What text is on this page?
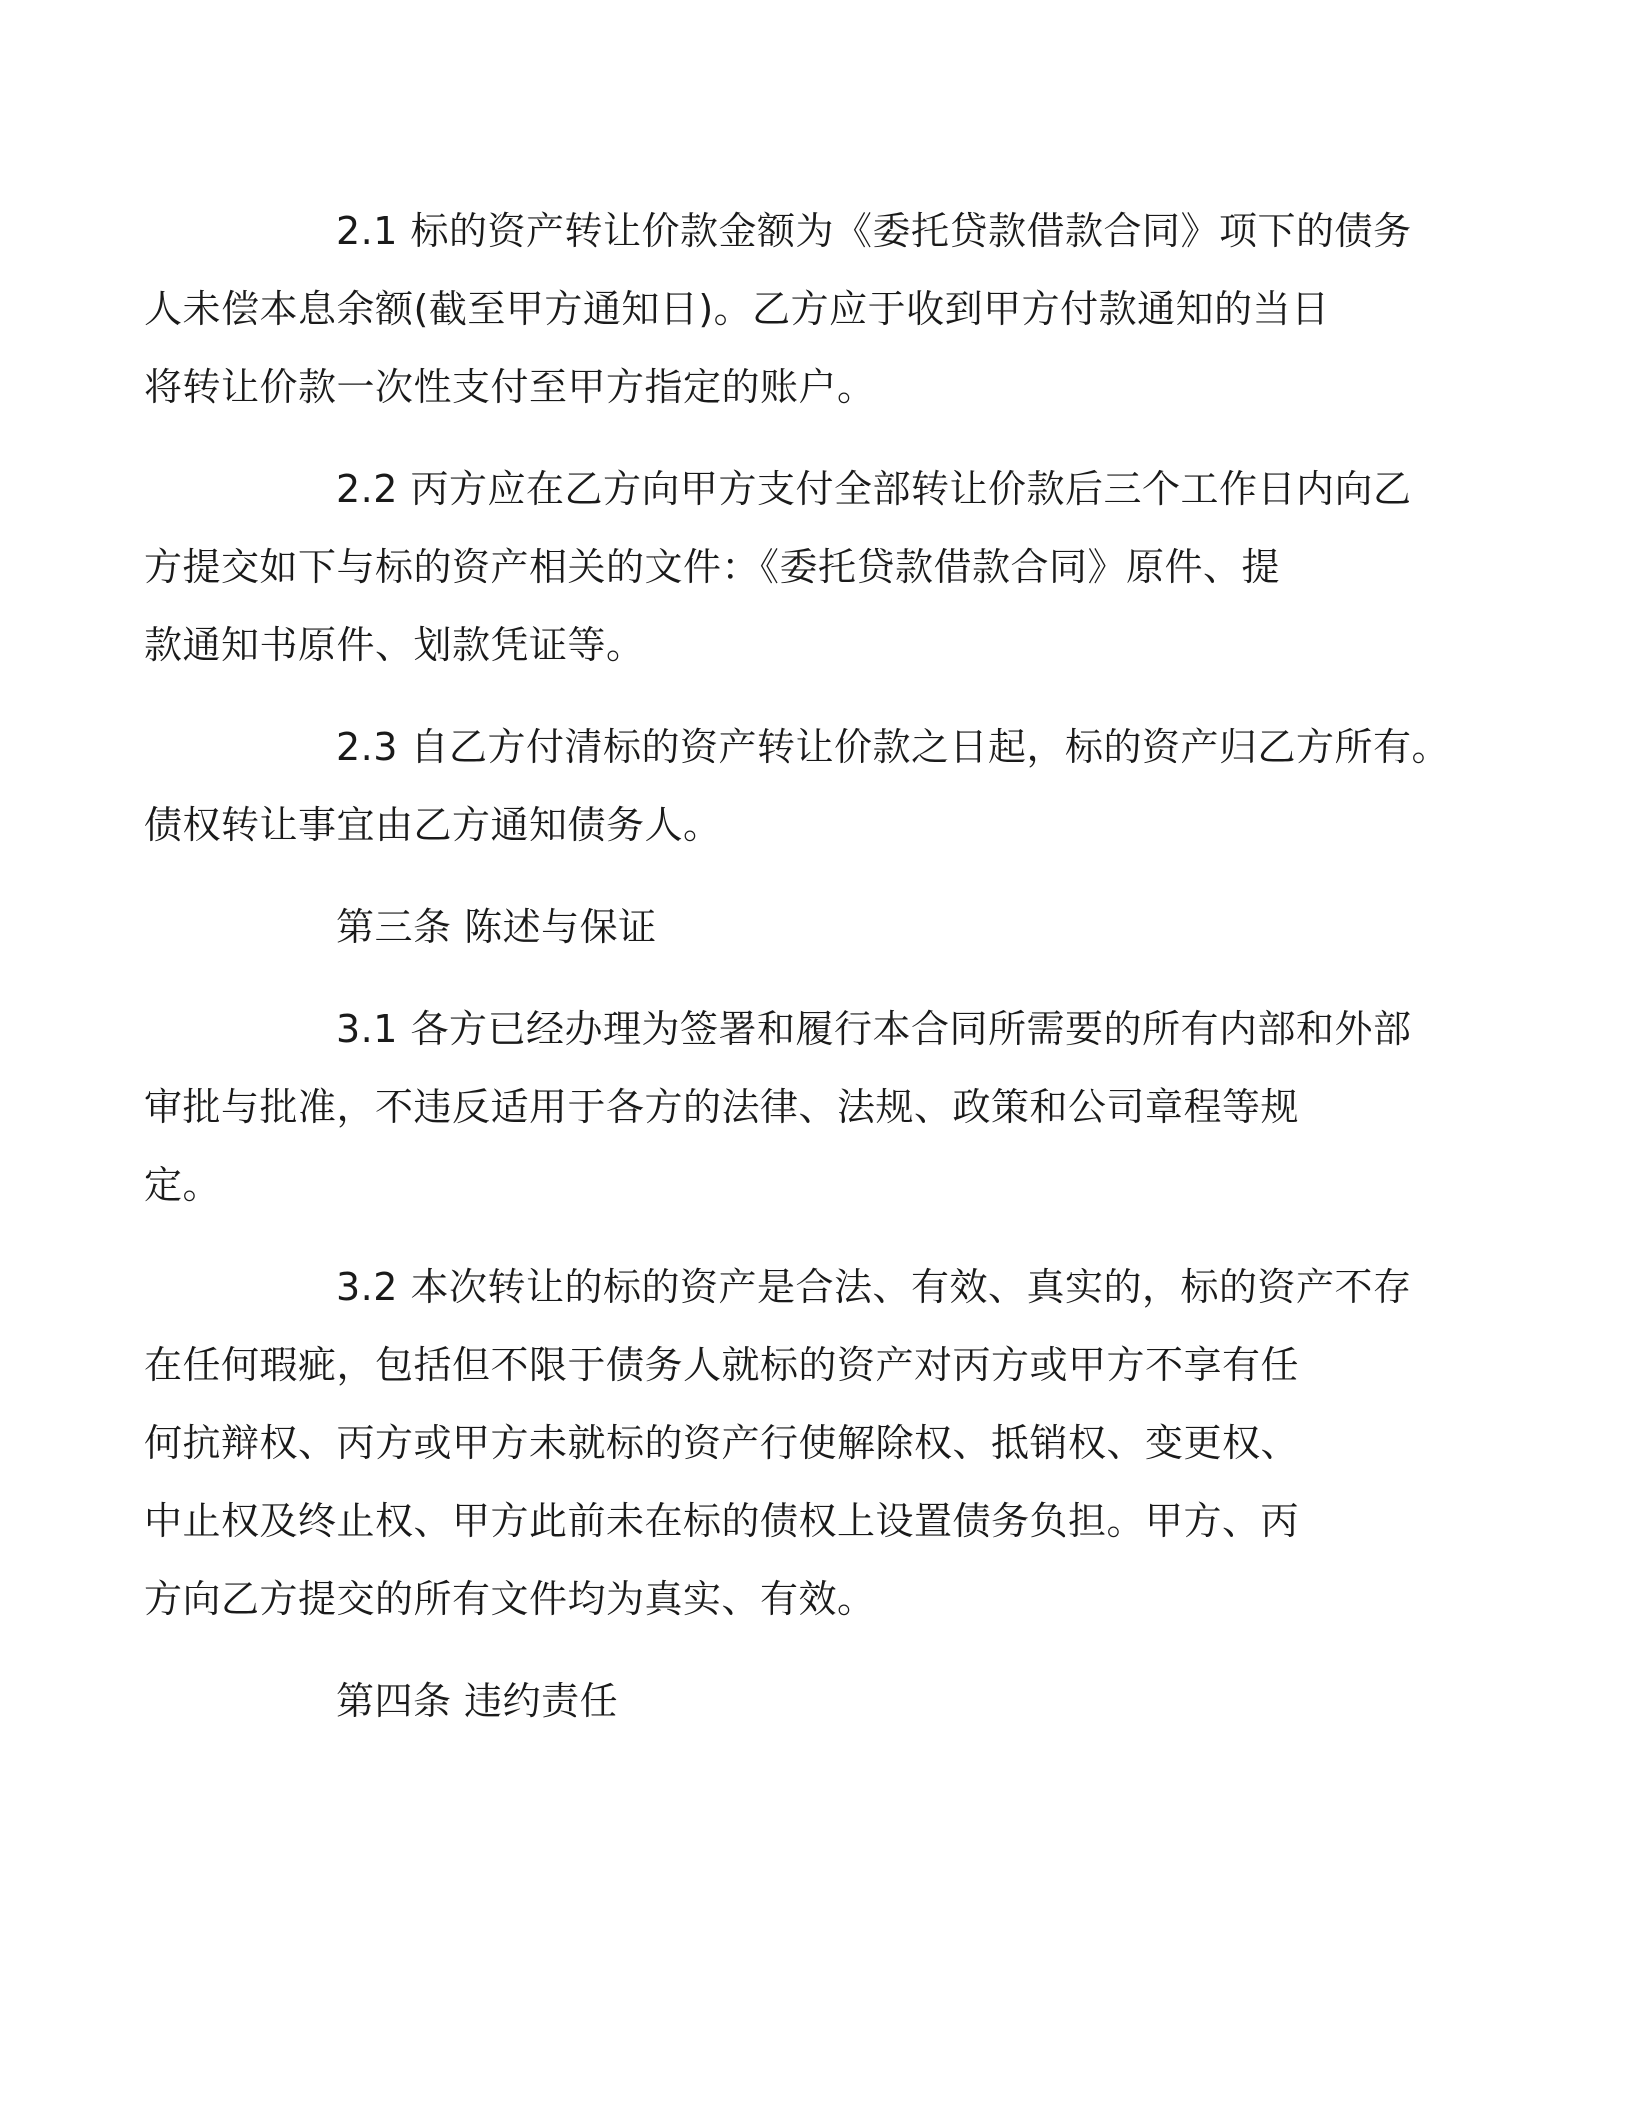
2.1 标的资产转让价款金额为《委托贷款借款合同》项下的债务
人未偿本息余额(截至甲方通知日)。乙方应于收到甲方付款通知的当日
将转让价款一次性支付至甲方指定的账户。
2.2 丙方应在乙方向甲方支付全部转让价款后三个工作日内向乙
方提交如下与标的资产相关的文件：《委托贷款借款合同》原件、提
款通知书原件、划款凭证等。
2.3 自乙方付清标的资产转让价款之日起，标的资产归乙方所有。
债权转让事宜由乙方通知债务人。
第三条 陈述与保证
3.1 各方已经办理为签署和履行本合同所需要的所有内部和外部
审批与批准，不违反适用于各方的法律、法规、政策和公司章程等规
定。
3.2 本次转让的标的资产是合法、有效、真实的，标的资产不存
在任何瑕疵，包括但不限于债务人就标的资产对丙方或甲方不享有任
何抗辩权、丙方或甲方未就标的资产行使解除权、抵销权、变更权、
中止权及终止权、甲方此前未在标的债权上设置债务负担。甲方、丙
方向乙方提交的所有文件均为真实、有效。
第四条 违约责任
